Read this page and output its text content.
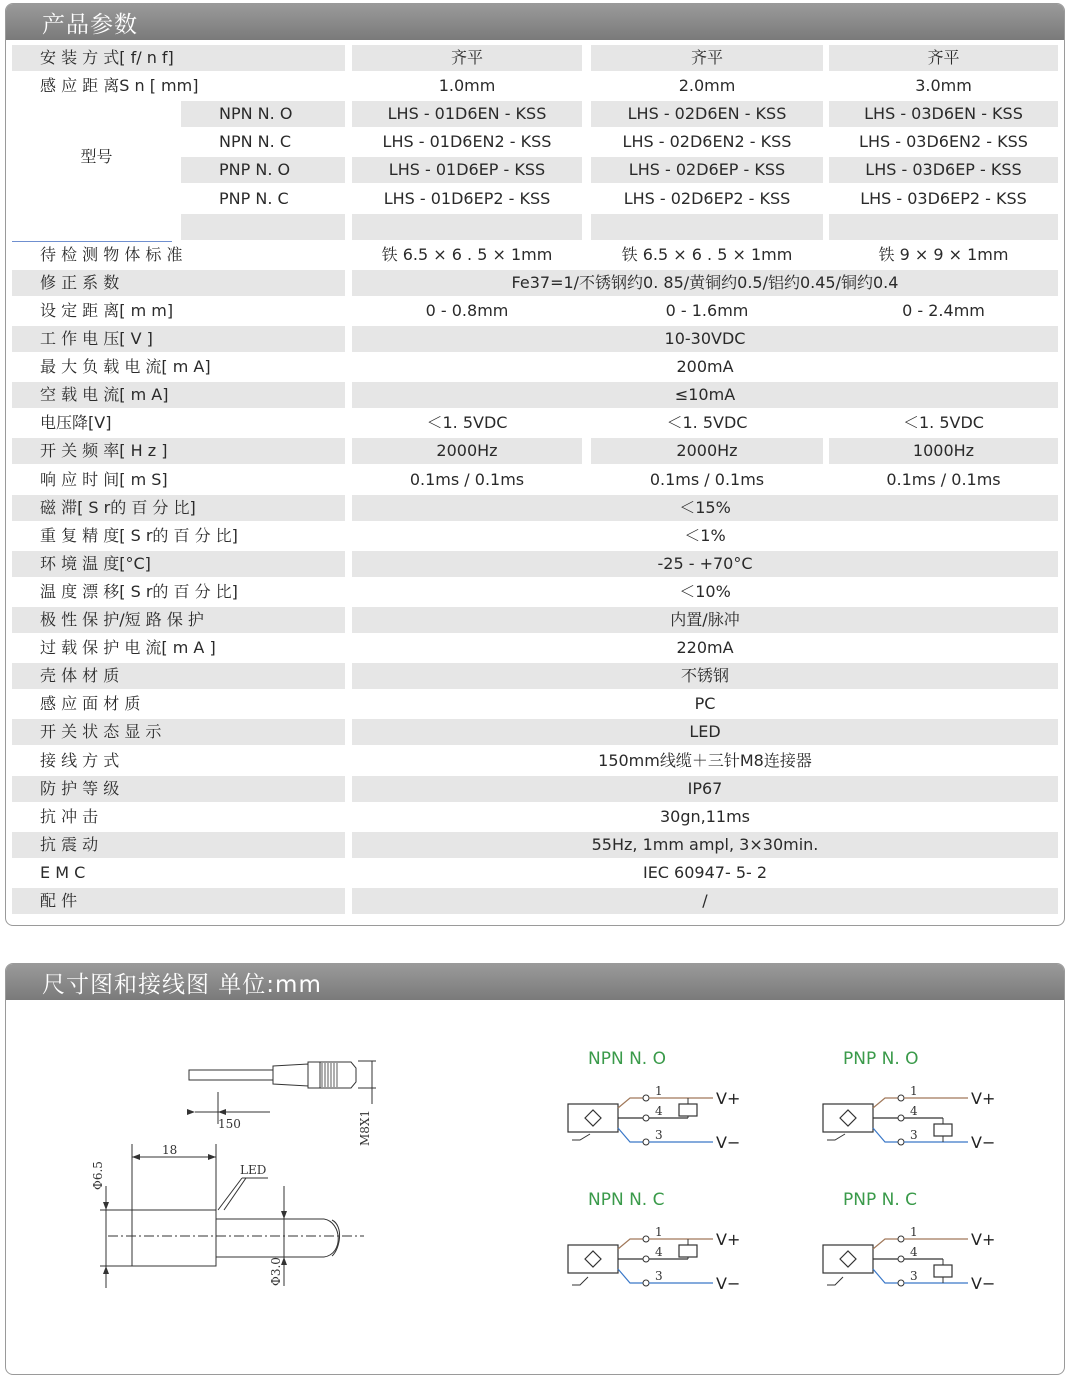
产品参数
安 装 方 式[ f/ n f]	齐平	齐平	齐平
感 应 距 离S n [ mm]	1.0mm	2.0mm	3.0mm
型号
NPN N. O	LHS - 01D6EN - KSS	LHS - 02D6EN - KSS	LHS - 03D6EN - KSS
NPN N. C	LHS - 01D6EN2 - KSS	LHS - 02D6EN2 - KSS	LHS - 03D6EN2 - KSS
PNP N. O	LHS - 01D6EP - KSS	LHS - 02D6EP - KSS	LHS - 03D6EP - KSS
PNP N. C	LHS - 01D6EP2 - KSS	LHS - 02D6EP2 - KSS	LHS - 03D6EP2 - KSS
待 检 测 物 体 标 准	铁 6.5 × 6 . 5 × 1mm	铁 6.5 × 6 . 5 × 1mm	铁 9 × 9 × 1mm
修 正 系 数	Fe37=1/不锈钢约0. 85/黄铜约0.5/铝约0.45/铜约0.4
设 定 距 离[ m m]	0 - 0.8mm	0 - 1.6mm	0 - 2.4mm
工 作 电 压[ V ]	10-30VDC
最 大 负 载 电 流[ m A]	200mA
空 载 电 流[ m A]	≤10mA
电压降[V]	＜1. 5VDC	＜1. 5VDC	＜1. 5VDC
开 关 频 率[ H z ]	2000Hz	2000Hz	1000Hz
响 应 时 间[ m S]	0.1ms / 0.1ms	0.1ms / 0.1ms	0.1ms / 0.1ms
磁 滞[ S r的 百 分 比]	＜15%
重 复 精 度[ S r的 百 分 比]	＜1%
环 境 温 度[°C]	-25 - +70°C
温 度 漂 移[ S r的 百 分 比]	＜10%
极 性 保 护/短 路 保 护	内置/脉冲
过 载 保 护 电 流[ m A ]	220mA
壳 体 材 质	不锈钢
感 应 面 材 质	PC
开 关 状 态 显 示	LED
接 线 方 式	150mm线缆＋三针M8连接器
防 护 等 级	IP67
抗 冲 击	30gn,11ms
抗 震 动	55Hz, 1mm ampl, 3×30min.
E M C	IEC 60947- 5- 2
配 件	/
尺寸图和接线图 单位:mm
150
18
LED
Φ6.5
M8X1
Φ3.0
NPN N. O
1
4
3
V+
V−
PNP N. O
1
4
3
V+
V−
NPN N. C
1
4
3
V+
V−
PNP N. C
1
4
3
V+
V−
